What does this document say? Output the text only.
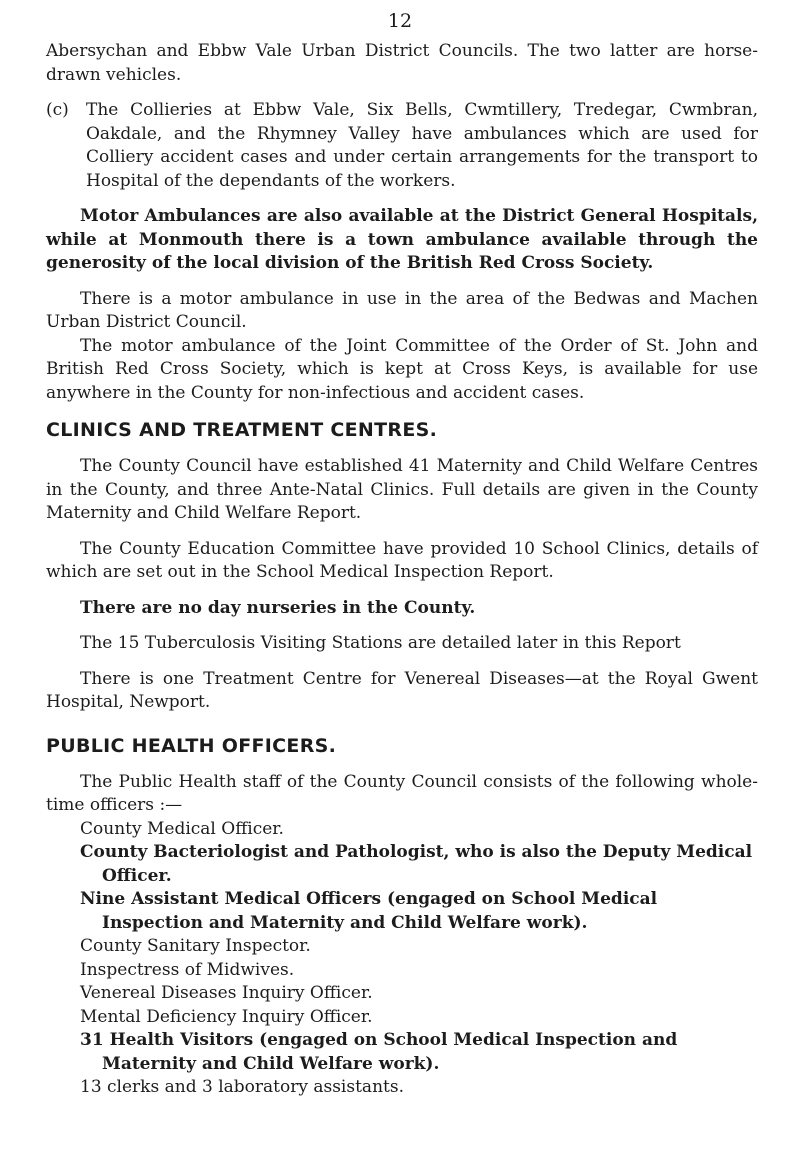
12

Abersychan and Ebbw Vale Urban District Councils. The two latter are horse-drawn vehicles.

(c)	The Collieries at Ebbw Vale, Six Bells, Cwmtillery, Tredegar, Cwmbran, Oakdale, and the Rhymney Valley have ambulances which are used for Colliery accident cases and under certain arrangements for the transport to Hospital of the dependants of the workers.

Motor Ambulances are also available at the District General Hospitals, while at Monmouth there is a town ambulance available through the generosity of the local division of the British Red Cross Society.

There is a motor ambulance in use in the area of the Bedwas and Machen Urban District Council.

The motor ambulance of the Joint Committee of the Order of St. John and British Red Cross Society, which is kept at Cross Keys, is available for use anywhere in the County for non-infectious and accident cases.

CLINICS AND TREATMENT CENTRES.

The County Council have established 41 Maternity and Child Welfare Centres in the County, and three Ante-Natal Clinics. Full details are given in the County Maternity and Child Welfare Report.

The County Education Committee have provided 10 School Clinics, details of which are set out in the School Medical Inspection Report.

There are no day nurseries in the County.

The 15 Tuberculosis Visiting Stations are detailed later in this Report

There is one Treatment Centre for Venereal Diseases—at the Royal Gwent Hospital, Newport.

PUBLIC HEALTH OFFICERS.

The Public Health staff of the County Council consists of the following whole-time officers :—

County Medical Officer.
County Bacteriologist and Pathologist, who is also the Deputy Medical Officer.
Nine Assistant Medical Officers (engaged on School Medical Inspection and Maternity and Child Welfare work).
County Sanitary Inspector.
Inspectress of Midwives.
Venereal Diseases Inquiry Officer.
Mental Deficiency Inquiry Officer.
31 Health Visitors (engaged on School Medical Inspection and Maternity and Child Welfare work).
13 clerks and 3 laboratory assistants.
